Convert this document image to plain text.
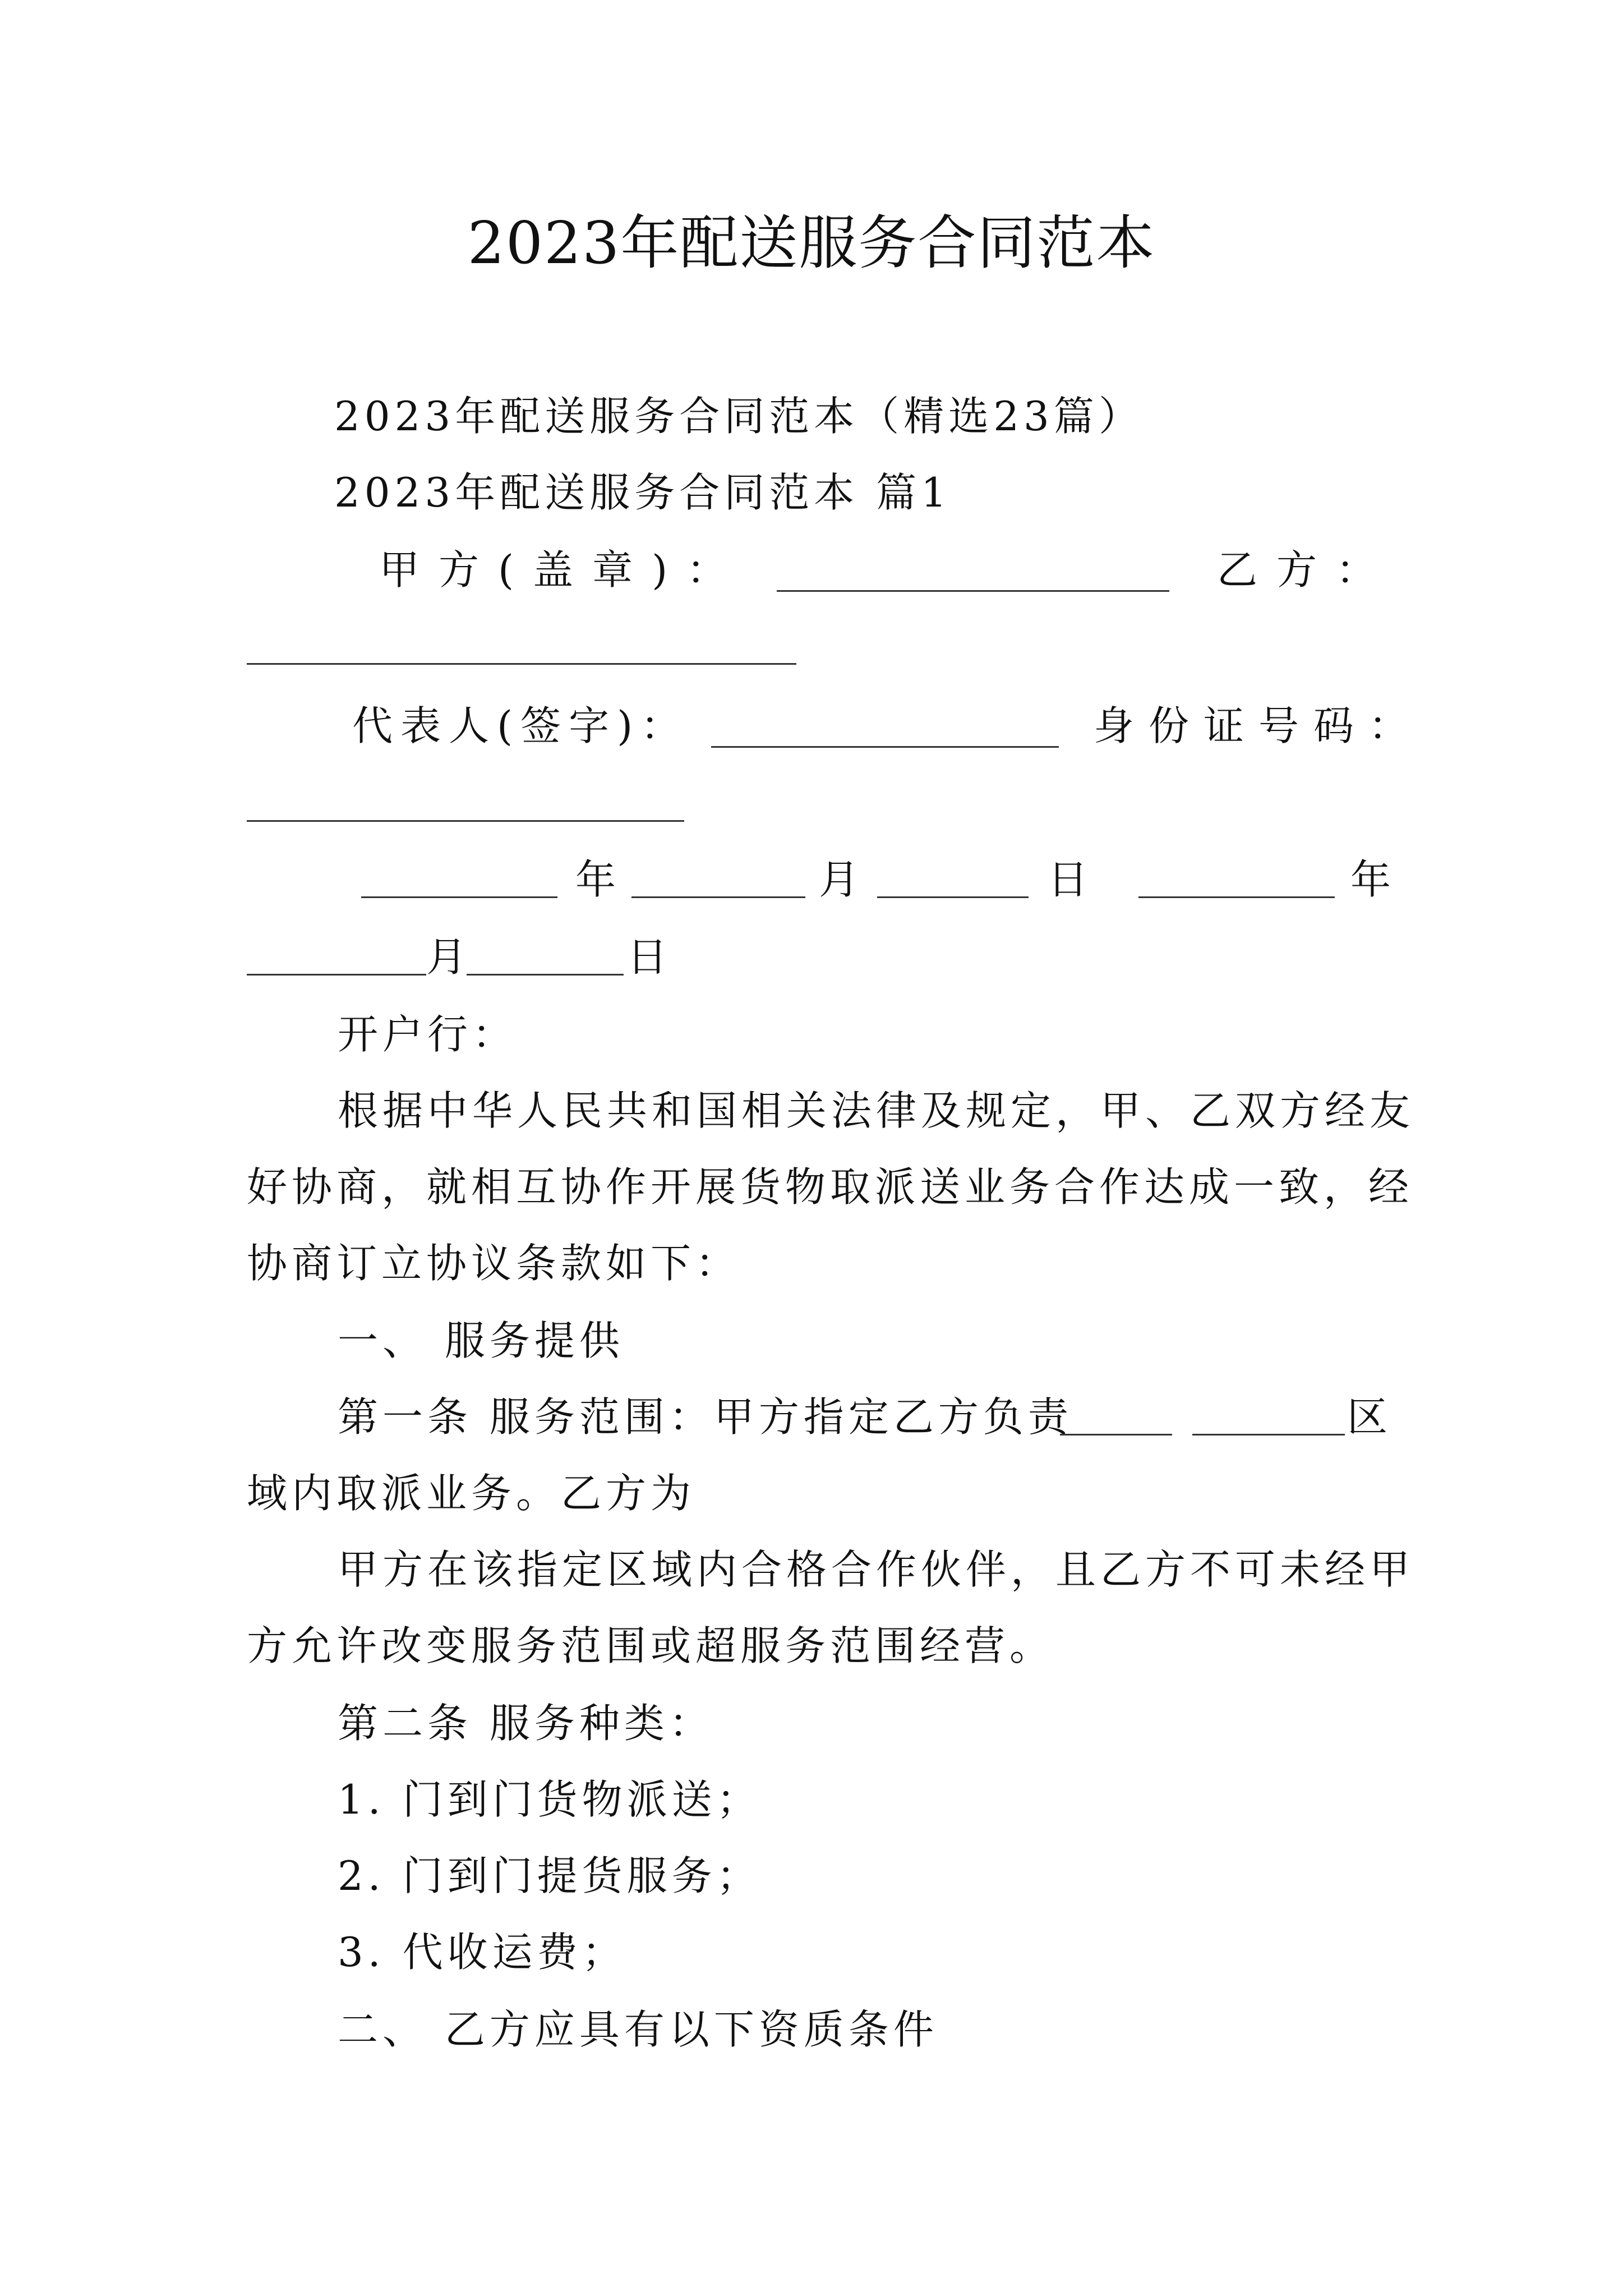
2023年配送服务合同范本

2023年配送服务合同范本（精选23篇）

2023年配送服务合同范本 篇1

甲方(盖章)：	乙方：

代表人(签字)：	身份证号码：

年	月	日	年

月	日

开户行：

根据中华人民共和国相关法律及规定，甲、乙双方经友

好协商，就相互协作开展货物取派送业务合作达成一致，经

协商订立协议条款如下：

一、 服务提供

第一条 服务范围：甲方指定乙方负责	区

域内取派业务。乙方为

甲方在该指定区域内合格合作伙伴，且乙方不可未经甲

方允许改变服务范围或超服务范围经营。

第二条 服务种类：

1. 门到门货物派送；

2. 门到门提货服务；

3. 代收运费；

二、 乙方应具有以下资质条件
